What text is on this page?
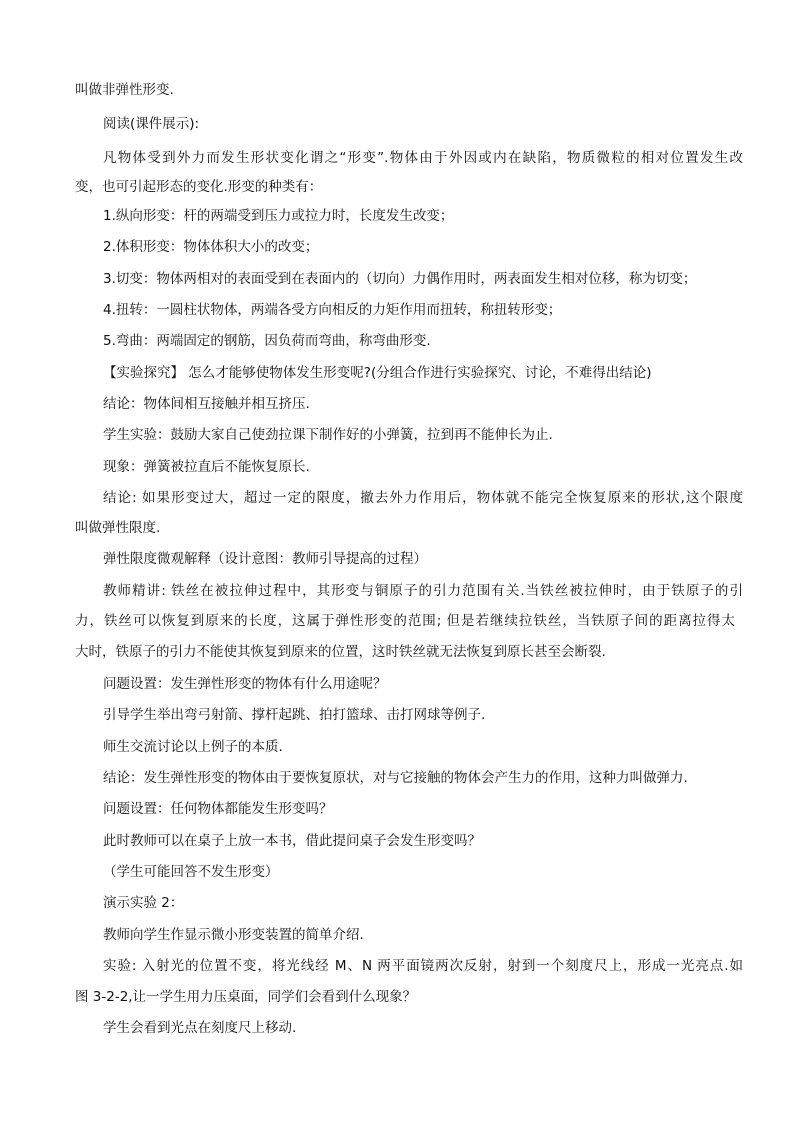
叫做非弹性形变.
阅读(课件展示):
凡物体受到外力而发生形状变化谓之“形变”.物体由于外因或内在缺陷，物质微粒的相对位置发生改
变，也可引起形态的变化.形变的种类有：
1.纵向形变：杆的两端受到压力或拉力时，长度发生改变；
2.体积形变：物体体积大小的改变；
3.切变：物体两相对的表面受到在表面内的（切向）力偶作用时，两表面发生相对位移，称为切变；
4.扭转：一圆柱状物体，两端各受方向相反的力矩作用而扭转，称扭转形变；
5.弯曲：两端固定的钢筋，因负荷而弯曲，称弯曲形变.
【实验探究】 怎么才能够使物体发生形变呢?(分组合作进行实验探究、讨论，不难得出结论)
结论：物体间相互接触并相互挤压.
学生实验：鼓励大家自己使劲拉课下制作好的小弹簧，拉到再不能伸长为止.
现象：弹簧被拉直后不能恢复原长.
结论: 如果形变过大，超过一定的限度，撤去外力作用后，物体就不能完全恢复原来的形状,这个限度
叫做弹性限度.
弹性限度微观解释（设计意图：教师引导提高的过程）
教师精讲: 铁丝在被拉伸过程中，其形变与铜原子的引力范围有关.当铁丝被拉伸时，由于铁原子的引
力，铁丝可以恢复到原来的长度，这属于弹性形变的范围; 但是若继续拉铁丝，当铁原子间的距离拉得太
大时，铁原子的引力不能使其恢复到原来的位置，这时铁丝就无法恢复到原长甚至会断裂.
问题设置：发生弹性形变的物体有什么用途呢？
引导学生举出弯弓射箭、撑杆起跳、拍打篮球、击打网球等例子.
师生交流讨论以上例子的本质.
结论：发生弹性形变的物体由于要恢复原状，对与它接触的物体会产生力的作用，这种力叫做弹力.
问题设置：任何物体都能发生形变吗？
此时教师可以在桌子上放一本书，借此提问桌子会发生形变吗？
（学生可能回答不发生形变）
演示实验 2：
教师向学生作显示微小形变装置的简单介绍.
实验: 入射光的位置不变，将光线经 M、N 两平面镜两次反射，射到一个刻度尺上，形成一光亮点.如
图 3-2-2,让一学生用力压桌面，同学们会看到什么现象？
学生会看到光点在刻度尺上移动.
